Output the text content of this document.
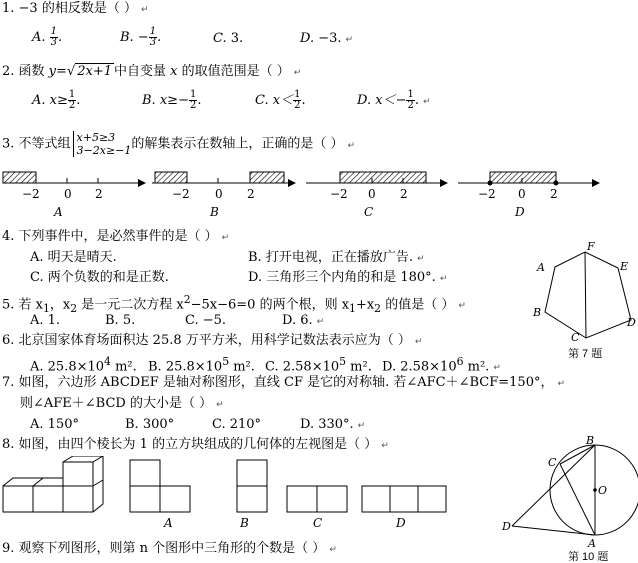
1. −3 的相反数是（ ） ↵
A. $\frac{1}{3}$ .	B. − $\frac{1}{3}$ .	C. 3.	D. −3. ↵
2. 函数 y=√ 2x+1 中自变量 x 的取值范围是（ ） ↵
A. $x\ge \frac{1}{2}$ .	B. $x\ge- \frac{1}{2}$ .	C. $x< \frac{1}{2}$ .	D. $x<- \frac{1}{2}$ . ↵
3. 不等式组 x+5≥3
3−2x≥−1 的解集表示在数轴上，正确的是（ ） ↵
−2 0 2
A
−2 0 2
B
−2 0 2
C
−2 0 2
D
4. 下列事件中，是必然事件的是（ ） ↵
A. 明天是晴天.	B. 打开电视，正在播放广告. ↵
C. 两个负数的和是正数.	D. 三角形三个内角的和是 180°. ↵
5. 若 $x_1$，$x_2$ 是一元二次方程 $x^2-5x-6=0$ 的两个根，则 $x_1+x_2$ 的值是（ ） ↵
A. 1.	B. 5.	C. −5.	D. 6. ↵
6. 北京国家体育场面积达 25.8 万平方米，用科学记数法表示应为（ ） ↵
A. $25.8\times 10^4$ m². B. $25.8\times 10^5$ m². C. $2.58\times 10^5$ m². D. $2.58\times 10^6$ m². ↵
7. 如图，六边形 ABCDEF 是轴对称图形，直线 CF 是它的对称轴. 若∠AFC＋∠BCF=150°， ↵
则∠AFE＋∠BCD 的大小是（ ） ↵
A. 150°	B. 300°	C. 210°	D. 330°. ↵
F
A	E
B
D
C
第 7 题
8. 如图，由四个棱长为 1 的立方块组成的几何体的左视图是（ ） ↵
A	B	C	D
B
C
O
D
A
第 10 题
9. 观察下列图形，则第 n 个图形中三角形的个数是（ ） ↵
